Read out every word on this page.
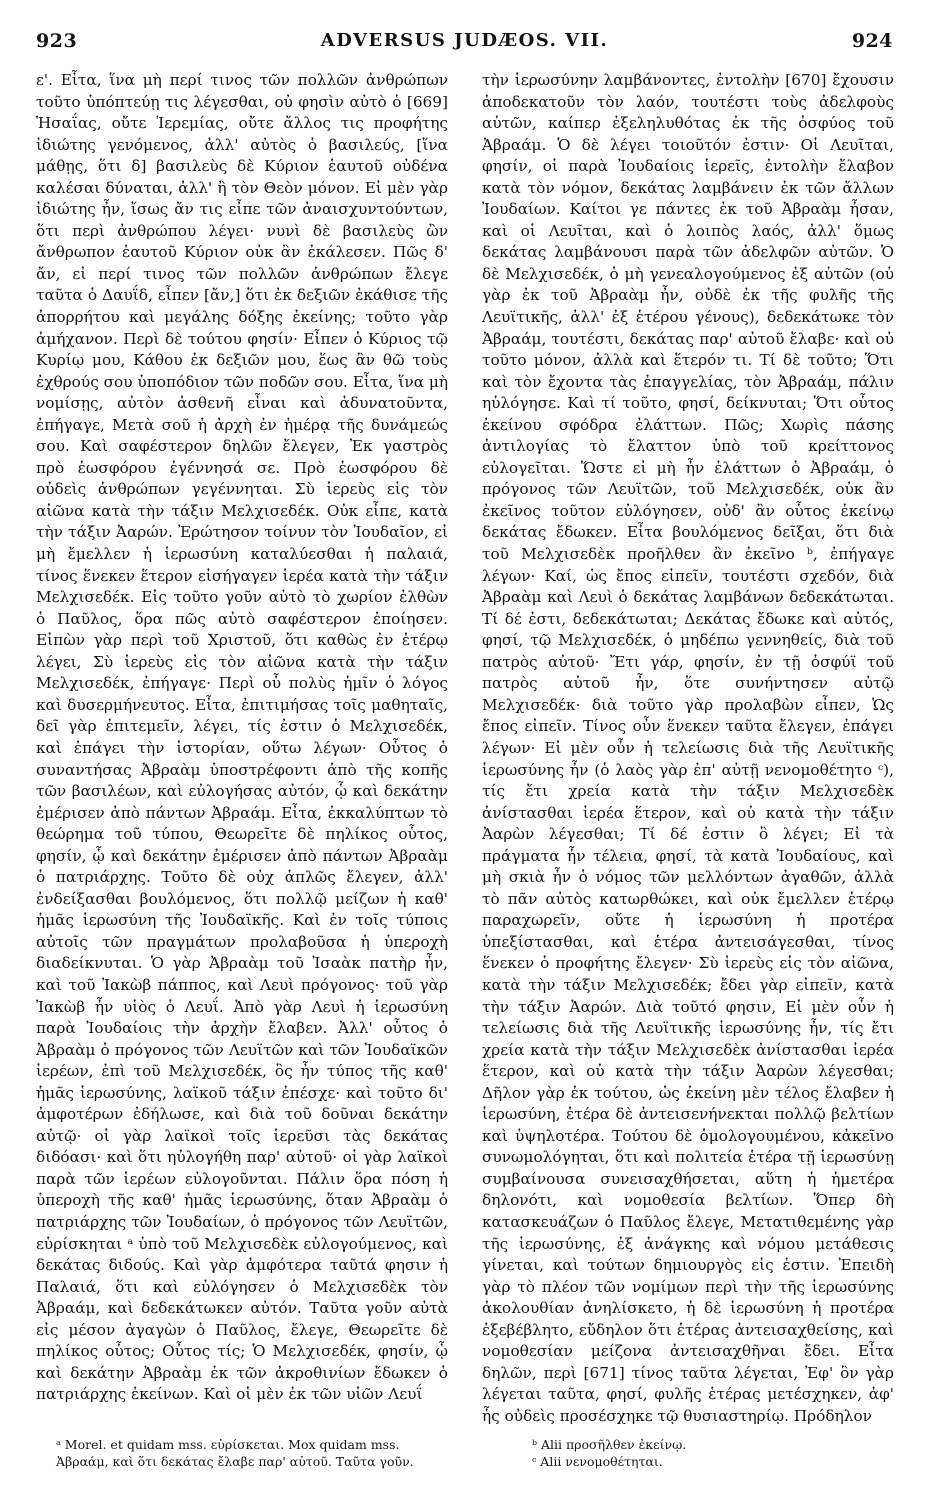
923	ADVERSUS JUDÆOS. VII.	924

ε'. Εἶτα, ἵνα μὴ περί τινος τῶν πολλῶν ἀνθρώπων τοῦτο ὑπόπτεύῃ τις λέγεσθαι, οὐ φησὶν αὐτὸ ὁ [669] Ἡσαΐας, οὔτε Ἱερεμίας, οὔτε ἄλλος τις προφήτης ἰδιώτης γενόμενος, ἀλλ' αὐτὸς ὁ βασιλεύς, [ἵνα μάθῃς, ὅτι δ] βασιλεὺς δὲ Κύριον ἑαυτοῦ οὐδένα καλέσαι δύναται, ἀλλ' ἢ τὸν Θεὸν μόνον. Εἰ μὲν γὰρ ἰδιώτης ἦν, ἴσως ἄν τις εἶπε τῶν ἀναισχυντούντων, ὅτι περὶ ἀνθρώπου λέγει· νυνὶ δὲ βασιλεὺς ὢν ἄνθρωπον ἑαυτοῦ Κύριον οὐκ ἂν ἐκάλεσεν. Πῶς δ' ἄν, εἰ περί τινος τῶν πολλῶν ἀνθρώπων ἔλεγε ταῦτα ὁ Δαυΐδ, εἶπεν [ἄν,] ὅτι ἐκ δεξιῶν ἐκάθισε τῆς ἀπορρήτου καὶ μεγάλης δόξης ἐκείνης; τοῦτο γὰρ ἀμήχανον. Περὶ δὲ τούτου φησίν· Εἶπεν ὁ Κύριος τῷ Κυρίῳ μου, Κάθου ἐκ δεξιῶν μου, ἕως ἂν θῶ τοὺς ἐχθρούς σου ὑποπόδιον τῶν ποδῶν σου. Εἶτα, ἵνα μὴ νομίσῃς, αὐτὸν ἀσθενῆ εἶναι καὶ ἀδυνατοῦντα, ἐπήγαγε, Μετὰ σοῦ ἡ ἀρχὴ ἐν ἡμέρᾳ τῆς δυνάμεώς σου. Καὶ σαφέστερον δηλῶν ἔλεγεν, Ἐκ γαστρὸς πρὸ ἑωσφόρου ἐγέννησά σε. Πρὸ ἑωσφόρου δὲ οὐδεὶς ἀνθρώπων γεγέννηται. Σὺ ἱερεὺς εἰς τὸν αἰῶνα κατὰ τὴν τάξιν Μελχισεδέκ. Οὐκ εἶπε, κατὰ τὴν τάξιν Ἀαρών. Ἐρώτησον τοίνυν τὸν Ἰουδαῖον, εἰ μὴ ἔμελλεν ἡ ἱερωσύνη καταλύεσθαι ἡ παλαιά, τίνος ἕνεκεν ἕτερον εἰσήγαγεν ἱερέα κατὰ τὴν τάξιν Μελχισεδέκ. Εἰς τοῦτο γοῦν αὐτὸ τὸ χωρίον ἐλθὼν ὁ Παῦλος, ὅρα πῶς αὐτὸ σαφέστερον ἐποίησεν. Εἰπὼν γὰρ περὶ τοῦ Χριστοῦ, ὅτι καθὼς ἐν ἑτέρῳ λέγει, Σὺ ἱερεὺς εἰς τὸν αἰῶνα κατὰ τὴν τάξιν Μελχισεδέκ, ἐπήγαγε· Περὶ οὗ πολὺς ἡμῖν ὁ λόγος καὶ δυσερμήνευτος. Εἶτα, ἐπιτιμήσας τοῖς μαθηταῖς, δεῖ γὰρ ἐπιτεμεῖν, λέγει, τίς ἐστιν ὁ Μελχισεδέκ, καὶ ἐπάγει τὴν ἱστορίαν, οὕτω λέγων· Οὗτος ὁ συναντήσας Ἀβραὰμ ὑποστρέφοντι ἀπὸ τῆς κοπῆς τῶν βασιλέων, καὶ εὐλογήσας αὐτόν, ᾧ καὶ δεκάτην ἐμέρισεν ἀπὸ πάντων Ἀβραάμ. Εἶτα, ἐκκαλύπτων τὸ θεώρημα τοῦ τύπου, Θεωρεῖτε δὲ πηλίκος οὗτος, φησίν, ᾧ καὶ δεκάτην ἐμέρισεν ἀπὸ πάντων Ἀβραὰμ ὁ πατριάρχης. Τοῦτο δὲ οὐχ ἁπλῶς ἔλεγεν, ἀλλ' ἐνδείξασθαι βουλόμενος, ὅτι πολλῷ μείζων ἡ καθ' ἡμᾶς ἱερωσύνη τῆς Ἰουδαϊκῆς. Καὶ ἐν τοῖς τύποις αὐτοῖς τῶν πραγμάτων προλαβοῦσα ἡ ὑπεροχὴ διαδείκνυται. Ὁ γὰρ Ἀβραὰμ τοῦ Ἰσαὰκ πατὴρ ἦν, καὶ τοῦ Ἰακὼβ πάππος, καὶ Λευὶ πρόγονος· τοῦ γὰρ Ἰακὼβ ἦν υἱὸς ὁ Λευΐ. Ἀπὸ γὰρ Λευὶ ἡ ἱερωσύνη παρὰ Ἰουδαίοις τὴν ἀρχὴν ἔλαβεν. Ἀλλ' οὗτος ὁ Ἀβραὰμ ὁ πρόγονος τῶν Λευϊτῶν καὶ τῶν Ἰουδαϊκῶν ἱερέων, ἐπὶ τοῦ Μελχισεδέκ, ὃς ἦν τύπος τῆς καθ' ἡμᾶς ἱερωσύνης, λαϊκοῦ τάξιν ἐπέσχε· καὶ τοῦτο δι' ἀμφοτέρων ἐδήλωσε, καὶ διὰ τοῦ δοῦναι δεκάτην αὐτῷ· οἱ γὰρ λαϊκοὶ τοῖς ἱερεῦσι τὰς δεκάτας διδόασι· καὶ ὅτι ηὐλογήθη παρ' αὐτοῦ· οἱ γὰρ λαϊκοὶ παρὰ τῶν ἱερέων εὐλογοῦνται. Πάλιν ὅρα πόση ἡ ὑπεροχὴ τῆς καθ' ἡμᾶς ἱερωσύνης, ὅταν Ἀβραὰμ ὁ πατριάρχης τῶν Ἰουδαίων, ὁ πρόγονος τῶν Λευϊτῶν, εὑρίσκηται ᵃ ὑπὸ τοῦ Μελχισεδὲκ εὐλογούμενος, καὶ δεκάτας διδούς. Καὶ γὰρ ἀμφότερα ταῦτά φησιν ἡ Παλαιά, ὅτι καὶ εὐλόγησεν ὁ Μελχισεδὲκ τὸν Ἀβραάμ, καὶ δεδεκάτωκεν αὐτόν. Ταῦτα γοῦν αὐτὰ εἰς μέσον ἀγαγὼν ὁ Παῦλος, ἔλεγε, Θεωρεῖτε δὲ πηλίκος οὗτος; Οὗτος τίς; Ὁ Μελχισεδέκ, φησίν, ᾧ καὶ δεκάτην Ἀβραὰμ ἐκ τῶν ἀκροθινίων ἔδωκεν ὁ πατριάρχης ἐκείνων. Καὶ οἱ μὲν ἐκ τῶν υἱῶν Λευΐ

τὴν ἱερωσύνην λαμβάνοντες, ἐντολὴν [670] ἔχουσιν ἀποδεκατοῦν τὸν λαόν, τουτέστι τοὺς ἀδελφοὺς αὐτῶν, καίπερ ἐξεληλυθότας ἐκ τῆς ὀσφύος τοῦ Ἀβραάμ. Ὁ δὲ λέγει τοιοῦτόν ἐστιν· Οἱ Λευῖται, φησίν, οἱ παρὰ Ἰουδαίοις ἱερεῖς, ἐντολὴν ἔλαβον κατὰ τὸν νόμον, δεκάτας λαμβάνειν ἐκ τῶν ἄλλων Ἰουδαίων. Καίτοι γε πάντες ἐκ τοῦ Ἀβραὰμ ἦσαν, καὶ οἱ Λευῖται, καὶ ὁ λοιπὸς λαός, ἀλλ' ὅμως δεκάτας λαμβάνουσι παρὰ τῶν ἀδελφῶν αὐτῶν. Ὁ δὲ Μελχισεδέκ, ὁ μὴ γενεαλογούμενος ἐξ αὐτῶν (οὐ γὰρ ἐκ τοῦ Ἀβραὰμ ἦν, οὐδὲ ἐκ τῆς φυλῆς τῆς Λευϊτικῆς, ἀλλ' ἐξ ἑτέρου γένους), δεδεκάτωκε τὸν Ἀβραάμ, τουτέστι, δεκάτας παρ' αὐτοῦ ἔλαβε· καὶ οὐ τοῦτο μόνον, ἀλλὰ καὶ ἕτερόν τι. Τί δὲ τοῦτο; Ὅτι καὶ τὸν ἔχοντα τὰς ἐπαγγελίας, τὸν Ἀβραάμ, πάλιν ηὐλόγησε. Καὶ τί τοῦτο, φησί, δείκνυται; Ὅτι οὗτος ἐκείνου σφόδρα ἐλάττων. Πῶς; Χωρὶς πάσης ἀντιλογίας τὸ ἔλαττον ὑπὸ τοῦ κρείττονος εὐλογεῖται. Ὥστε εἰ μὴ ἦν ἐλάττων ὁ Ἀβραάμ, ὁ πρόγονος τῶν Λευϊτῶν, τοῦ Μελχισεδέκ, οὐκ ἂν ἐκεῖνος τοῦτον εὐλόγησεν, οὐδ' ἂν οὗτος ἐκείνῳ δεκάτας ἔδωκεν. Εἶτα βουλόμενος δεῖξαι, ὅτι διὰ τοῦ Μελχισεδὲκ προῆλθεν ἂν ἐκεῖνο ᵇ, ἐπήγαγε λέγων· Καί, ὡς ἔπος εἰπεῖν, τουτέστι σχεδόν, διὰ Ἀβραὰμ καὶ Λευὶ ὁ δεκάτας λαμβάνων δεδεκάτωται. Τί δέ ἐστι, δεδεκάτωται; Δεκάτας ἔδωκε καὶ αὐτός, φησί, τῷ Μελχισεδέκ, ὁ μηδέπω γεννηθείς, διὰ τοῦ πατρὸς αὐτοῦ· Ἔτι γάρ, φησίν, ἐν τῇ ὀσφύϊ τοῦ πατρὸς αὐτοῦ ἦν, ὅτε συνήντησεν αὐτῷ Μελχισεδέκ· διὰ τοῦτο γὰρ προλαβὼν εἶπεν, Ὡς ἔπος εἰπεῖν. Τίνος οὖν ἕνεκεν ταῦτα ἔλεγεν, ἐπάγει λέγων· Εἰ μὲν οὖν ἡ τελείωσις διὰ τῆς Λευϊτικῆς ἱερωσύνης ἦν (ὁ λαὸς γὰρ ἐπ' αὐτῇ νενομοθέτητο ᶜ), τίς ἔτι χρεία κατὰ τὴν τάξιν Μελχισεδὲκ ἀνίστασθαι ἱερέα ἕτερον, καὶ οὐ κατὰ τὴν τάξιν Ἀαρὼν λέγεσθαι; Τί δέ ἐστιν ὃ λέγει; Εἰ τὰ πράγματα ἦν τέλεια, φησί, τὰ κατὰ Ἰουδαίους, καὶ μὴ σκιὰ ἦν ὁ νόμος τῶν μελλόντων ἀγαθῶν, ἀλλὰ τὸ πᾶν αὐτὸς κατωρθώκει, καὶ οὐκ ἔμελλεν ἑτέρῳ παραχωρεῖν, οὔτε ἡ ἱερωσύνη ἡ προτέρα ὑπεξίστασθαι, καὶ ἑτέρα ἀντεισάγεσθαι, τίνος ἕνεκεν ὁ προφήτης ἔλεγεν· Σὺ ἱερεὺς εἰς τὸν αἰῶνα, κατὰ τὴν τάξιν Μελχισεδέκ; ἔδει γὰρ εἰπεῖν, κατὰ τὴν τάξιν Ἀαρών. Διὰ τοῦτό φησιν, Εἰ μὲν οὖν ἡ τελείωσις διὰ τῆς Λευϊτικῆς ἱερωσύνης ἦν, τίς ἔτι χρεία κατὰ τὴν τάξιν Μελχισεδὲκ ἀνίστασθαι ἱερέα ἕτερον, καὶ οὐ κατὰ τὴν τάξιν Ἀαρὼν λέγεσθαι; Δῆλον γὰρ ἐκ τούτου, ὡς ἐκείνη μὲν τέλος ἔλαβεν ἡ ἱερωσύνη, ἑτέρα δὲ ἀντεισενήνεκται πολλῷ βελτίων καὶ ὑψηλοτέρα. Τούτου δὲ ὁμολογουμένου, κἀκεῖνο συνωμολόγηται, ὅτι καὶ πολιτεία ἑτέρα τῇ ἱερωσύνῃ συμβαίνουσα συνεισαχθήσεται, αὕτη ἡ ἡμετέρα δηλονότι, καὶ νομοθεσία βελτίων. Ὅπερ δὴ κατασκευάζων ὁ Παῦλος ἔλεγε, Μετατιθεμένης γὰρ τῆς ἱερωσύνης, ἐξ ἀνάγκης καὶ νόμου μετάθεσις γίνεται, καὶ τούτων δημιουργὸς εἰς ἐστιν. Ἐπειδὴ γὰρ τὸ πλέον τῶν νομίμων περὶ τὴν τῆς ἱερωσύνης ἀκολουθίαν ἀνηλίσκετο, ἡ δὲ ἱερωσύνη ἡ προτέρα ἐξεβέβλητο, εὔδηλον ὅτι ἑτέρας ἀντεισαχθείσης, καὶ νομοθεσίαν μείζονα ἀντεισαχθῆναι ἔδει. Εἶτα δηλῶν, περὶ [671] τίνος ταῦτα λέγεται, Ἐφ' ὃν γὰρ λέγεται ταῦτα, φησί, φυλῆς ἑτέρας μετέσχηκεν, ἀφ' ἧς οὐδεὶς προσέσχηκε τῷ θυσιαστηρίῳ. Πρόδηλον

ᵃ Morel. et quidam mss. εὑρίσκεται. Mox quidam mss.
Ἀβραάμ, καὶ ὅτι δεκάτας ἔλαβε παρ' αὐτοῦ. Ταῦτα γοῦν.
ᵇ Alii προσῆλθεν ἐκείνῳ.
ᶜ Alii νενομοθέτηται.
